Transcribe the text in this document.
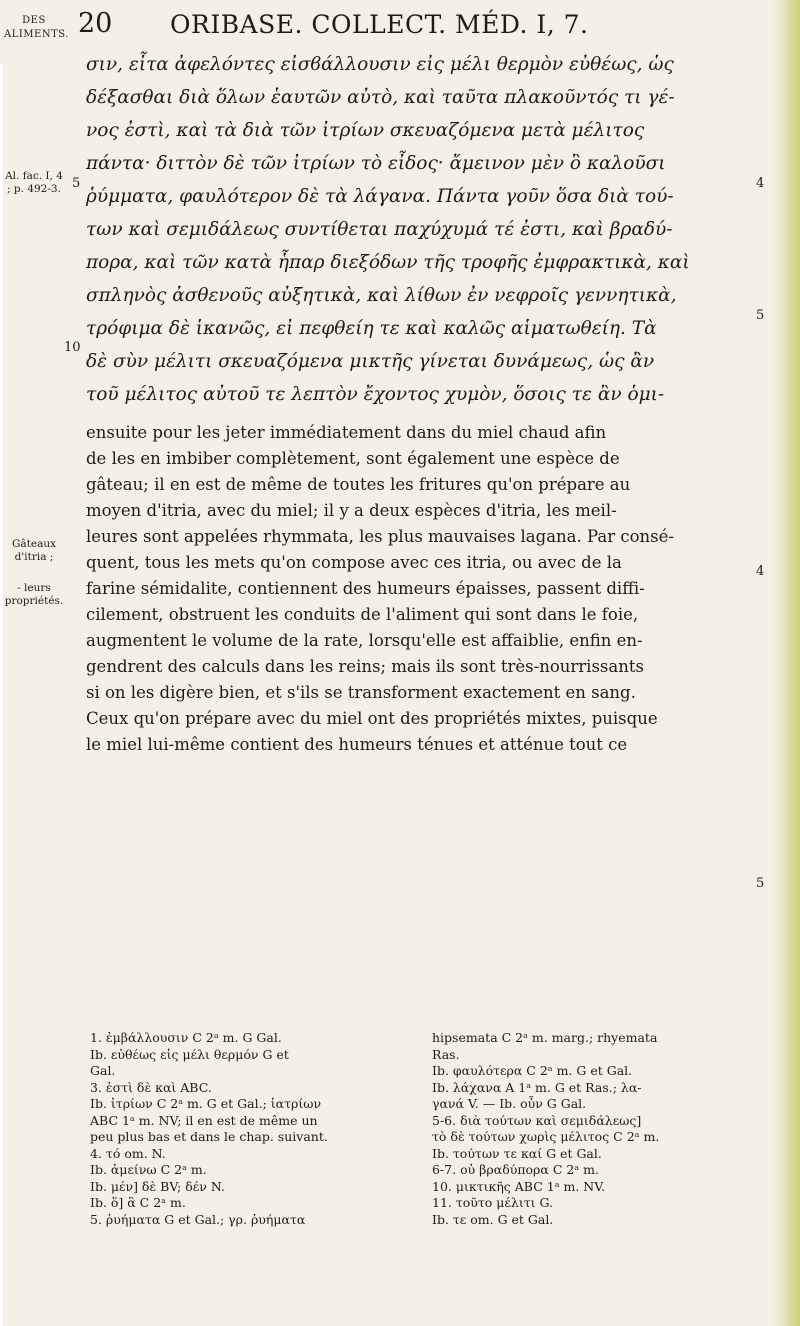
DES ALIMENTS. 20 ORIBASE. COLLECT. MÉD. I, 7.
Al. fac. I, 4 ; p. 492-3.
Gâteaux d'itria ;
- leurs propriétés.
5
10
4
5
4
5
σιν, εἶτα ἀφελόντες εἰσϐάλλουσιν εἰς μέλι θερμὸν εὐθέως, ὡς
δέξασθαι διὰ ὅλων ἑαυτῶν αὐτὸ, καὶ ταῦτα πλακοῦντός τι γέ-
νος ἐστὶ, καὶ τὰ διὰ τῶν ἰτρίων σκευαζόμενα μετὰ μέλιτος
πάντα· διττὸν δὲ τῶν ἰτρίων τὸ εἶδος· ἄμεινον μὲν ὃ καλοῦσι
ῥύμματα, φαυλότερον δὲ τὰ λάγανα. Πάντα γοῦν ὅσα διὰ τού-
των καὶ σεμιδάλεως συντίθεται παχύχυμά τέ ἐστι, καὶ βραδύ-
πορα, καὶ τῶν κατὰ ἧπαρ διεξόδων τῆς τροφῆς ἐμφρακτικὰ, καὶ
σπληνὸς ἀσθενοῦς αὐξητικὰ, καὶ λίθων ἐν νεφροῖς γεννητικὰ,
τρόφιμα δὲ ἱκανῶς, εἰ πεφθείη τε καὶ καλῶς αἱματωθείη. Τὰ
δὲ σὺν μέλιτι σκευαζόμενα μικτῆς γίνεται δυνάμεως, ὡς ἂν
τοῦ μέλιτος αὐτοῦ τε λεπτὸν ἔχοντος χυμὸν, ὅσοις τε ἂν ὁμι-
ensuite pour les jeter immédiatement dans du miel chaud afin
de les en imbiber complètement, sont également une espèce de
gâteau; il en est de même de toutes les fritures qu'on prépare au
moyen d'itria, avec du miel; il y a deux espèces d'itria, les meil-
leures sont appelées rhymmata, les plus mauvaises lagana. Par consé-
quent, tous les mets qu'on compose avec ces itria, ou avec de la
farine sémidalite, contiennent des humeurs épaisses, passent diffi-
cilement, obstruent les conduits de l'aliment qui sont dans le foie,
augmentent le volume de la rate, lorsqu'elle est affaiblie, enfin en-
gendrent des calculs dans les reins; mais ils sont très-nourrissants
si on les digère bien, et s'ils se transforment exactement en sang.
Ceux qu'on prépare avec du miel ont des propriétés mixtes, puisque
le miel lui-même contient des humeurs ténues et atténue tout ce
1. ἐμβάλλουσιν C 2ᵃ m. G Gal.
Ib. εὐθέως εἰς μέλι θερμόν G et
Gal.
3. ἐστὶ δὲ καὶ ABC.
Ib. ἰτρίων C 2ᵃ m. G et Gal.; ἰατρίων
ABC 1ᵃ m. NV; il en est de même un
peu plus bas et dans le chap. suivant.
4. τό om. N.
Ib. ἀμείνω C 2ᵃ m.
Ib. μέν] δὲ BV; δέν N.
Ib. ὅ] ἃ C 2ᵃ m.
5. ῥυήματα G et Gal.; γρ. ῥυήματα
hipsemata C 2ᵃ m. marg.; rhyemata
Ras.
Ib. φαυλότερα C 2ᵃ m. G et Gal.
Ib. λάχανα A 1ᵃ m. G et Ras.; λα-
γανά V. — Ib. οὖν G Gal.
5-6. διὰ τούτων καὶ σεμιδάλεως]
τὸ δὲ τούτων χωρὶς μέλιτος C 2ᵃ m.
Ib. τούτων τε καί G et Gal.
6-7. οὐ βραδύπορα C 2ᵃ m.
10. μικτικῆς ABC 1ᵃ m. NV.
11. τοῦτο μέλιτι G.
Ib. τε om. G et Gal.
